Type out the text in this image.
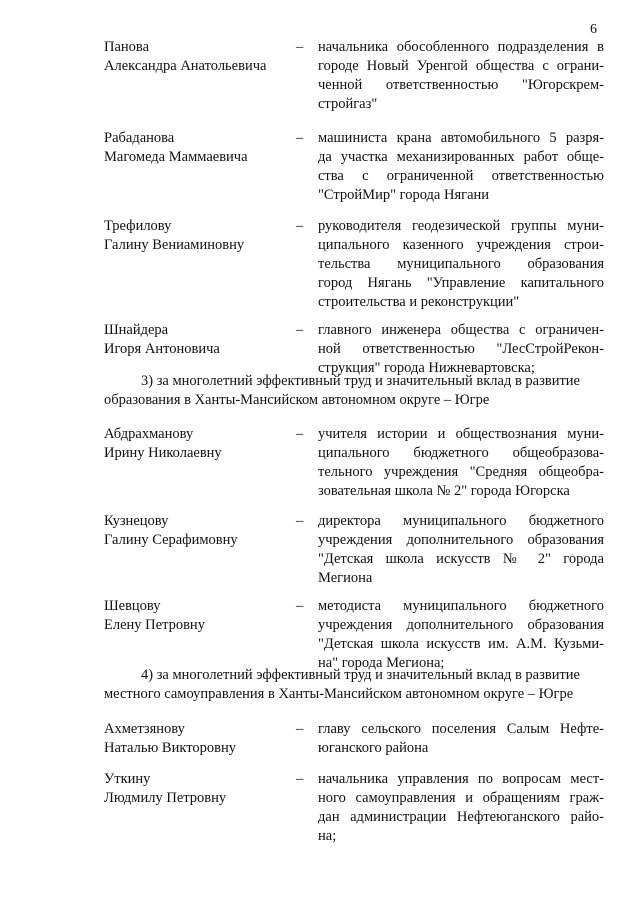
6
Панова
Александра Анатольевича
– начальника обособленного подразделения в
городе Новый Уренгой общества с ограни-
ченной ответственностью "Югорскрем-
стройгаз"
Рабаданова
Магомеда Маммаевича
– машиниста крана автомобильного 5 разря-
да участка механизированных работ обще-
ства с ограниченной ответственностью
"СтройМир" города Нягани
Трефилову
Галину Вениаминовну
– руководителя геодезической группы муни-
ципального казенного учреждения строи-
тельства муниципального образования
город Нягань "Управление капитального
строительства и реконструкции"
Шнайдера
Игоря Антоновича
– главного инженера общества с ограничен-
ной ответственностью "ЛесСтройРекон-
струкция" города Нижневартовска;
3) за многолетний эффективный труд и значительный вклад в развитие
образования в Ханты-Мансийском автономном округе – Югре
Абдрахманову
Ирину Николаевну
– учителя истории и обществознания муни-
ципального бюджетного общеобразова-
тельного учреждения "Средняя общеобра-
зовательная школа № 2" города Югорска
Кузнецову
Галину Серафимовну
– директора муниципального бюджетного
учреждения дополнительного образования
"Детская школа искусств № 2" города
Мегиона
Шевцову
Елену Петровну
– методиста муниципального бюджетного
учреждения дополнительного образования
"Детская школа искусств им. А.М. Кузьми-
на" города Мегиона;
4) за многолетний эффективный труд и значительный вклад в развитие
местного самоуправления в Ханты-Мансийском автономном округе – Югре
Ахметзянову
Наталью Викторовну
– главу сельского поселения Салым Нефте-
юганского района
Уткину
Людмилу Петровну
– начальника управления по вопросам мест-
ного самоуправления и обращениям граж-
дан администрации Нефтеюганского райо-
на;
